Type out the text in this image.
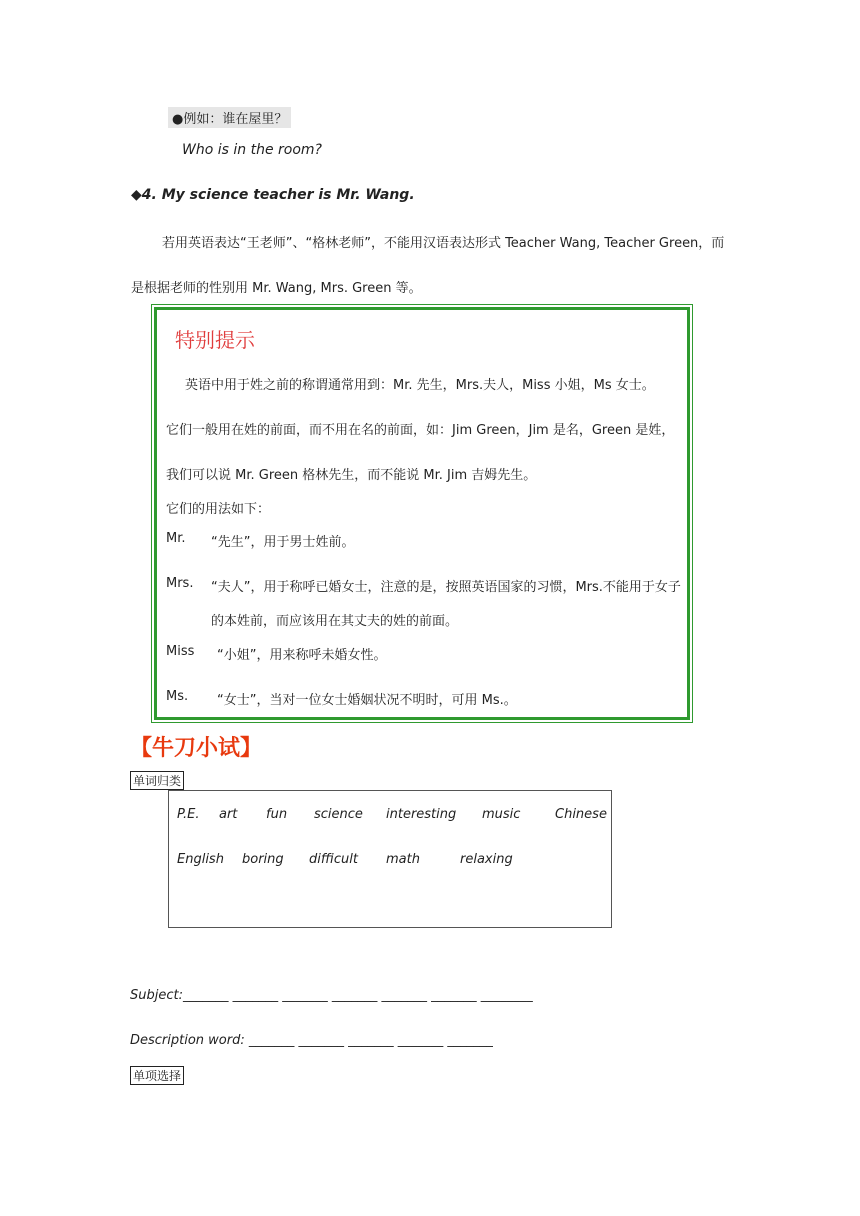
●例如：谁在屋里？
Who is in the room?
◆4. My science teacher is Mr. Wang.
若用英语表达“王老师”、“格林老师”，不能用汉语表达形式 Teacher Wang, Teacher Green，而
是根据老师的性别用 Mr. Wang, Mrs. Green 等。
特别提示
英语中用于姓之前的称谓通常用到：Mr. 先生，Mrs.夫人，Miss 小姐，Ms 女士。
它们一般用在姓的前面，而不用在名的前面，如：Jim Green，Jim 是名，Green 是姓，
我们可以说 Mr. Green 格林先生，而不能说 Mr. Jim 吉姆先生。
它们的用法如下：
Mr. “先生”，用于男士姓前。
Mrs. “夫人”，用于称呼已婚女士，注意的是，按照英语国家的习惯，Mrs.不能用于女子
的本姓前，而应该用在其丈夫的姓的前面。
Miss “小姐”，用来称呼未婚女性。
Ms. “女士”，当对一位女士婚姻状况不明时，可用 Ms.。
【牛刀小试】
单词归类
P.E. art fun science interesting music	Chinese
English boring difficult math	relaxing
Subject:_______ _______ _______ _______ _______ _______ ________
Description word: _______ _______ _______ _______ _______
单项选择
